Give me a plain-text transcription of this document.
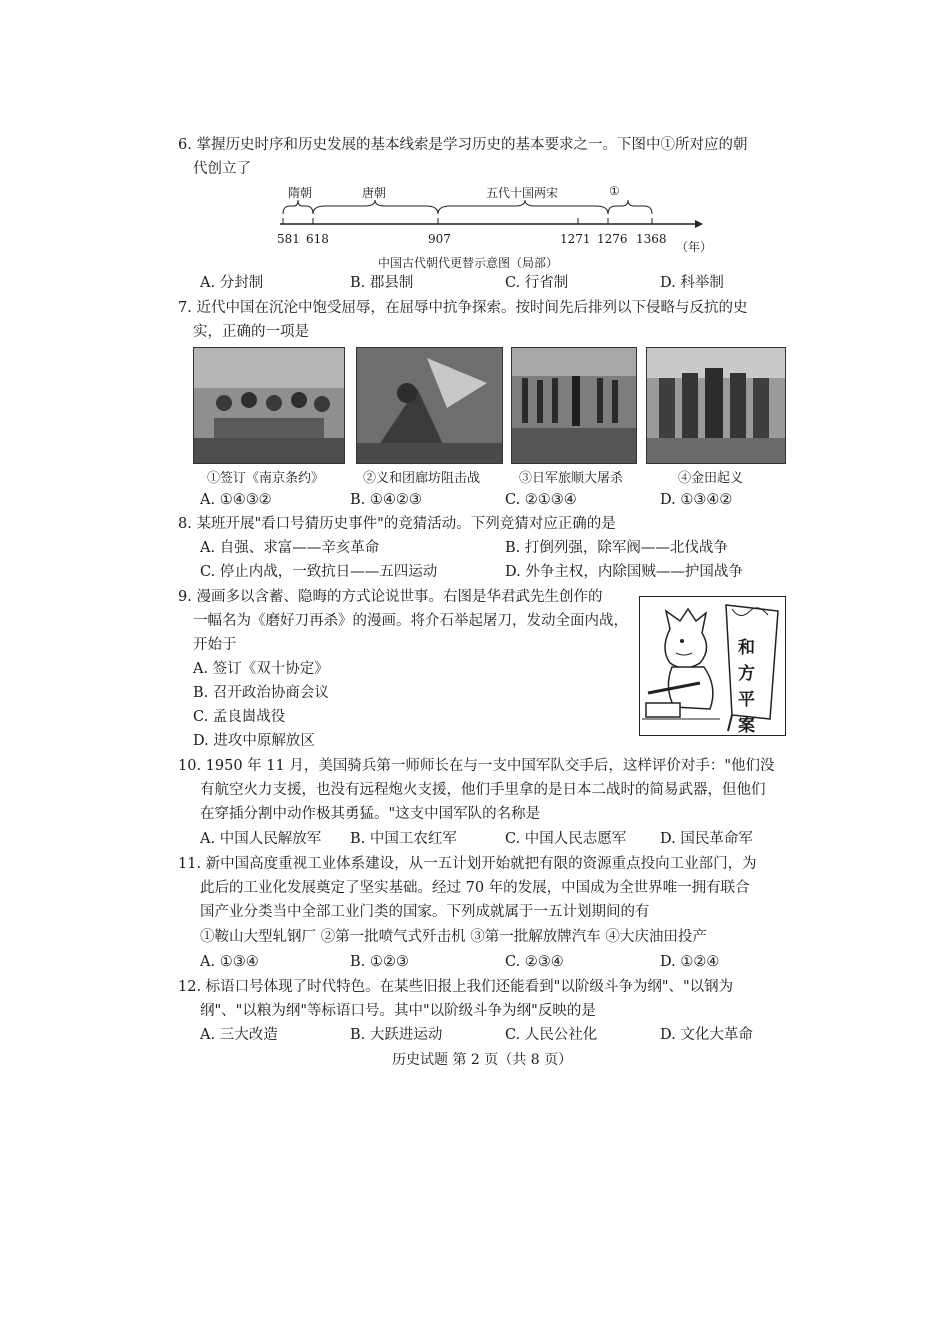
6. 掌握历史时序和历史发展的基本线索是学习历史的基本要求之一。下图中①所对应的朝
代创立了
隋朝	唐朝	五代十国两宋	①
581 618	907	1271 1276 1368
（年）
中国古代朝代更替示意图（局部）
A. 分封制	B. 郡县制	C. 行省制	D. 科举制
7. 近代中国在沉沦中饱受屈辱，在屈辱中抗争探索。按时间先后排列以下侵略与反抗的史
实，正确的一项是
①签订《南京条约》	②义和团廊坊阻击战	③日军旅顺大屠杀	④金田起义
A. ①④③②	B. ①④②③	C. ②①③④	D. ①③④②
8. 某班开展"看口号猜历史事件"的竞猜活动。下列竞猜对应正确的是
A. 自强、求富——辛亥革命	B. 打倒列强，除军阀——北伐战争
C. 停止内战，一致抗日——五四运动	D. 外争主权，内除国贼——护国战争
9. 漫画多以含蓄、隐晦的方式论说世事。右图是华君武先生创作的
一幅名为《磨好刀再杀》的漫画。将介石举起屠刀，发动全面内战，
开始于
A. 签订《双十协定》
B. 召开政治协商会议
C. 孟良崮战役
D. 进攻中原解放区
和方平案
10. 1950 年 11 月，美国骑兵第一师师长在与一支中国军队交手后，这样评价对手："他们没
有航空火力支援，也没有远程炮火支援，他们手里拿的是日本二战时的简易武器，但他们
在穿插分割中动作极其勇猛。"这支中国军队的名称是
A. 中国人民解放军 B. 中国工农红军	C. 中国人民志愿军 D. 国民革命军
11. 新中国高度重视工业体系建设，从一五计划开始就把有限的资源重点投向工业部门，为
此后的工业化发展奠定了坚实基础。经过 70 年的发展，中国成为全世界唯一拥有联合
国产业分类当中全部工业门类的国家。下列成就属于一五计划期间的有
①鞍山大型轧钢厂 ②第一批喷气式歼击机 ③第一批解放牌汽车 ④大庆油田投产
A. ①③④	B. ①②③	C. ②③④	D. ①②④
12. 标语口号体现了时代特色。在某些旧报上我们还能看到"以阶级斗争为纲"、"以钢为
纲"、"以粮为纲"等标语口号。其中"以阶级斗争为纲"反映的是
A. 三大改造	B. 大跃进运动	C. 人民公社化	D. 文化大革命
历史试题 第 2 页（共 8 页）
